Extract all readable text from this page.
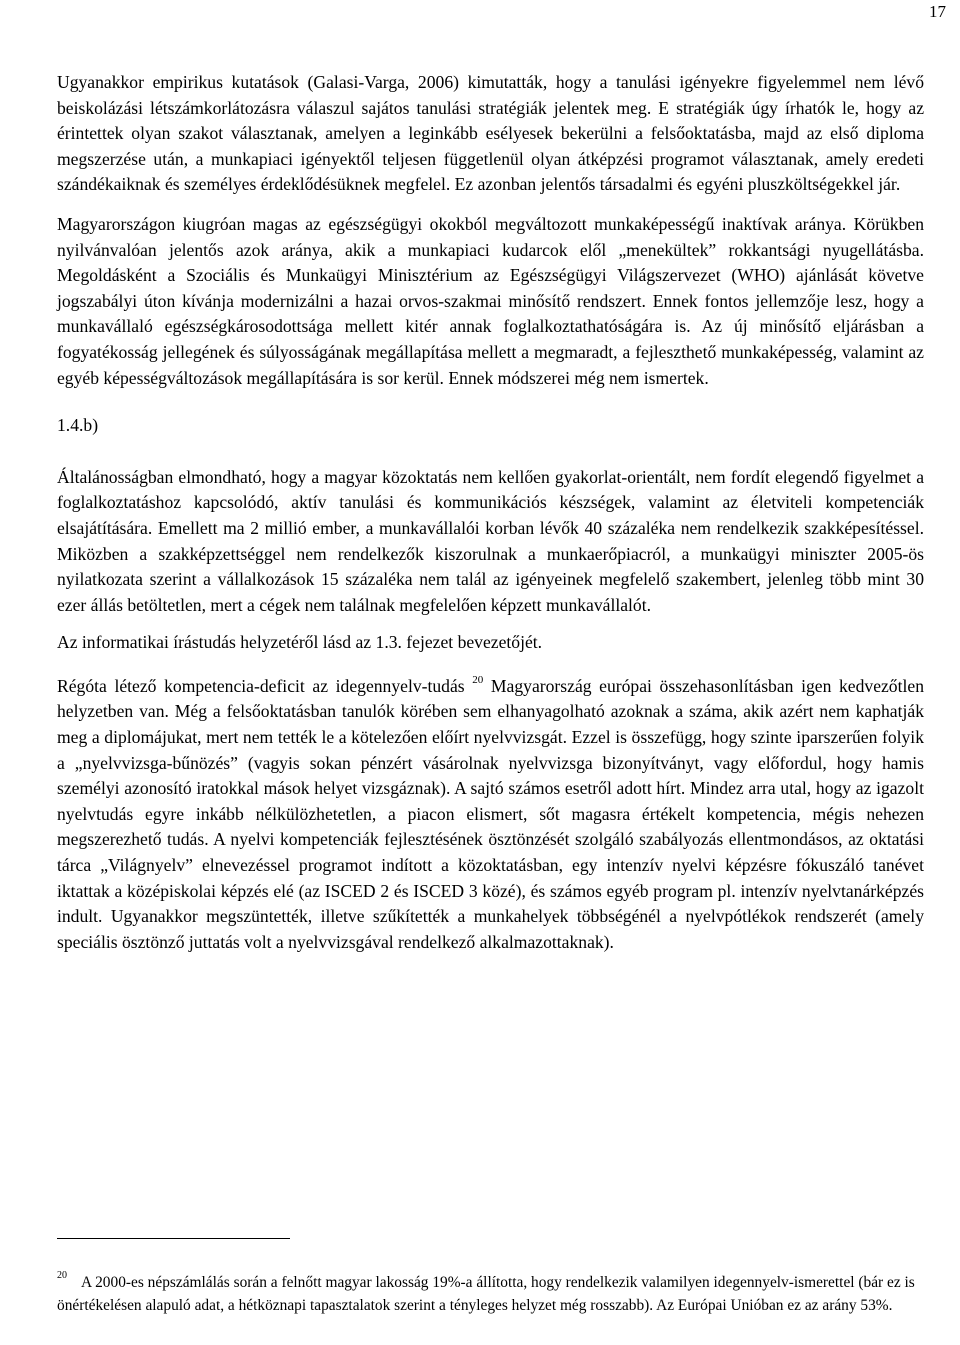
17

Ugyanakkor empirikus kutatások (Galasi-Varga, 2006) kimutatták, hogy a tanulási igényekre figyelemmel nem lévő beiskolázási létszámkorlátozásra válaszul sajátos tanulási stratégiák jelentek meg. E stratégiák úgy írhatók le, hogy az érintettek olyan szakot választanak, amelyen a leginkább esélyesek bekerülni a felsőoktatásba, majd az első diploma megszerzése után, a munkapiaci igényektől teljesen függetlenül olyan átképzési programot választanak, amely eredeti szándékaiknak és személyes érdeklődésüknek megfelel. Ez azonban jelentős társadalmi és egyéni pluszköltségekkel jár.

Magyarországon kiugróan magas az egészségügyi okokból megváltozott munkaképességű inaktívak aránya. Körükben nyilvánvalóan jelentős azok aránya, akik a munkapiaci kudarcok elől „menekültek” rokkantsági nyugellátásba. Megoldásként a Szociális és Munkaügyi Minisztérium az Egészségügyi Világszervezet (WHO) ajánlását követve jogszabályi úton kívánja modernizálni a hazai orvos-szakmai minősítő rendszert. Ennek fontos jellemzője lesz, hogy a munkavállaló egészségkárosodottsága mellett kitér annak foglalkoztathatóságára is. Az új minősítő eljárásban a fogyatékosság jellegének és súlyosságának megállapítása mellett a megmaradt, a fejleszthető munkaképesség, valamint az egyéb képességváltozások megállapítására is sor kerül. Ennek módszerei még nem ismertek.

1.4.b)

Általánosságban elmondható, hogy a magyar közoktatás nem kellően gyakorlat-orientált, nem fordít elegendő figyelmet a foglalkoztatáshoz kapcsolódó, aktív tanulási és kommunikációs készségek, valamint az életviteli kompetenciák elsajátítására. Emellett ma 2 millió ember, a munkavállalói korban lévők 40 százaléka nem rendelkezik szakképesítéssel. Miközben a szakképzettséggel nem rendelkezők kiszorulnak a munkaerőpiacról, a munkaügyi miniszter 2005-ös nyilatkozata szerint a vállalkozások 15 százaléka nem talál az igényeinek megfelelő szakembert, jelenleg több mint 30 ezer állás betöltetlen, mert a cégek nem találnak megfelelően képzett munkavállalót.

Az informatikai írástudás helyzetéről lásd az 1.3. fejezet bevezetőjét.

Régóta létező kompetencia-deficit az idegennyelv-tudás $^{20}$ Magyarország európai összehasonlításban igen kedvezőtlen helyzetben van. Még a felsőoktatásban tanulók körében sem elhanyagolható azoknak a száma, akik azért nem kaphatják meg a diplomájukat, mert nem tették le a kötelezően előírt nyelvvizsgát. Ezzel is összefügg, hogy szinte iparszerűen folyik a „nyelvvizsga-bűnözés” (vagyis sokan pénzért vásárolnak nyelvvizsga bizonyítványt, vagy előfordul, hogy hamis személyi azonosító iratokkal mások helyet vizsgáznak). A sajtó számos esetről adott hírt. Mindez arra utal, hogy az igazolt nyelvtudás egyre inkább nélkülözhetetlen, a piacon elismert, sőt magasra értékelt kompetencia, mégis nehezen megszerezhető tudás. A nyelvi kompetenciák fejlesztésének ösztönzését szolgáló szabályozás ellentmondásos, az oktatási tárca „Világnyelv” elnevezéssel programot indított a közoktatásban, egy intenzív nyelvi képzésre fókuszáló tanévet iktattak a középiskolai képzés elé (az ISCED 2 és ISCED 3 közé), és számos egyéb program pl. intenzív nyelvtanárképzés indult. Ugyanakkor megszüntették, illetve szűkítették a munkahelyek többségénél a nyelvpótlékok rendszerét (amely speciális ösztönző juttatás volt a nyelvvizsgával rendelkező alkalmazottaknak).

$^{20}$ A 2000-es népszámlálás során a felnőtt magyar lakosság 19%-a állította, hogy rendelkezik valamilyen idegennyelv-ismerettel (bár ez is önértékelésen alapuló adat, a hétköznapi tapasztalatok szerint a tényleges helyzet még rosszabb). Az Európai Unióban ez az arány 53%.
